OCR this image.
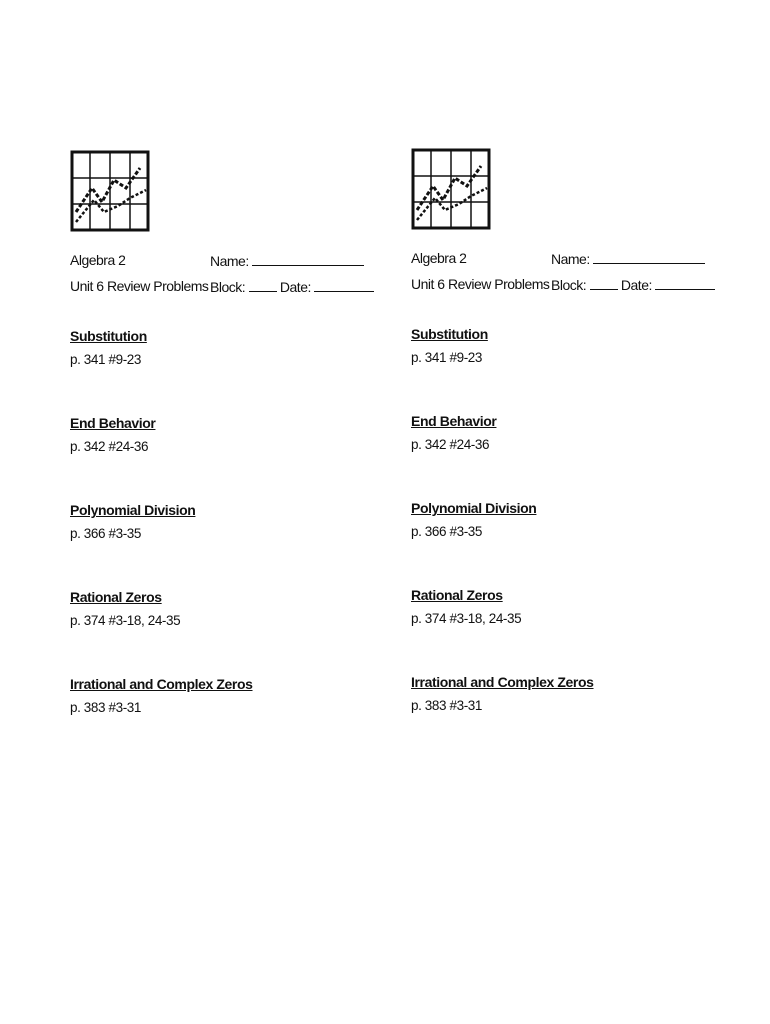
Algebra 2
Unit 6 Review Problems
Name:
Block: Date:
Substitution
p. 341 #9-23
End Behavior
p. 342 #24-36
Polynomial Division
p. 366 #3-35
Rational Zeros
p. 374 #3-18, 24-35
Irrational and Complex Zeros
p. 383 #3-31
Algebra 2
Unit 6 Review Problems
Name:
Block: Date:
Substitution
p. 341 #9-23
End Behavior
p. 342 #24-36
Polynomial Division
p. 366 #3-35
Rational Zeros
p. 374 #3-18, 24-35
Irrational and Complex Zeros
p. 383 #3-31
